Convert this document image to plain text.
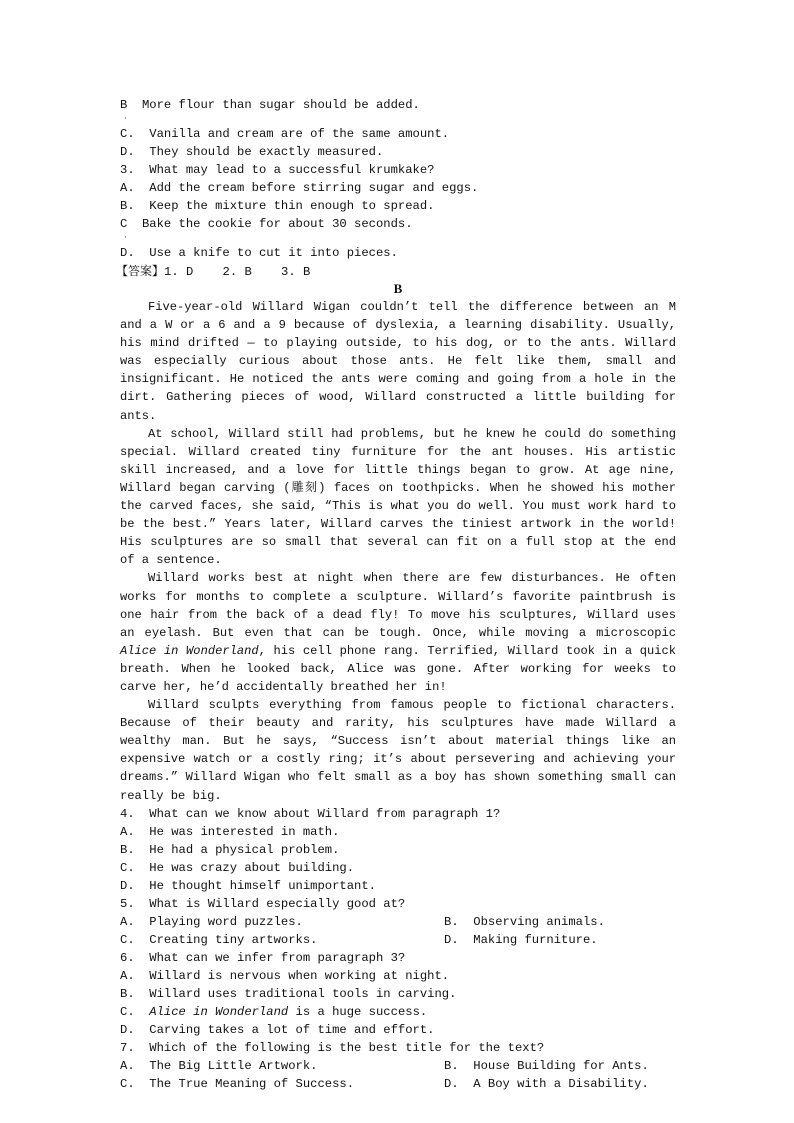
B  More flour than sugar should be added.
·
C.  Vanilla and cream are of the same amount.
D.  They should be exactly measured.
3.  What may lead to a successful krumkake?
A.  Add the cream before stirring sugar and eggs.
B.  Keep the mixture thin enough to spread.
C  Bake the cookie for about 30 seconds.
·
D.  Use a knife to cut it into pieces.
【答案】1. D    2. B    3. B
B

Five-year-old Willard Wigan couldn’t tell the difference between an M and a W or a 6 and a 9 because of dyslexia, a learning disability. Usually, his mind drifted — to playing outside, to his dog, or to the ants. Willard was especially curious about those ants. He felt like them, small and insignificant. He noticed the ants were coming and going from a hole in the dirt. Gathering pieces of wood, Willard constructed a little building for ants.

At school, Willard still had problems, but he knew he could do something special. Willard created tiny furniture for the ant houses. His artistic skill increased, and a love for little things began to grow. At age nine, Willard began carving (雕刻) faces on toothpicks. When he showed his mother the carved faces, she said, “This is what you do well. You must work hard to be the best.” Years later, Willard carves the tiniest artwork in the world! His sculptures are so small that several can fit on a full stop at the end of a sentence.

Willard works best at night when there are few disturbances. He often works for months to complete a sculpture. Willard’s favorite paintbrush is one hair from the back of a dead fly! To move his sculptures, Willard uses an eyelash. But even that can be tough. Once, while moving a microscopic Alice in Wonderland, his cell phone rang. Terrified, Willard took in a quick breath. When he looked back, Alice was gone. After working for weeks to carve her, he’d accidentally breathed her in!

Willard sculpts everything from famous people to fictional characters. Because of their beauty and rarity, his sculptures have made Willard a wealthy man. But he says, “Success isn’t about material things like an expensive watch or a costly ring; it’s about persevering and achieving your dreams.” Willard Wigan who felt small as a boy has shown something small can really be big.

4.  What can we know about Willard from paragraph 1?
A.  He was interested in math.
B.  He had a physical problem.
C.  He was crazy about building.
D.  He thought himself unimportant.
5.  What is Willard especially good at?
A.  Playing word puzzles.	B.  Observing animals.
C.  Creating tiny artworks.	D.  Making furniture.
6.  What can we infer from paragraph 3?
A.  Willard is nervous when working at night.
B.  Willard uses traditional tools in carving.
C.  Alice in Wonderland is a huge success.
D.  Carving takes a lot of time and effort.
7.  Which of the following is the best title for the text?
A.  The Big Little Artwork.	B.  House Building for Ants.
C.  The True Meaning of Success.	D.  A Boy with a Disability.
